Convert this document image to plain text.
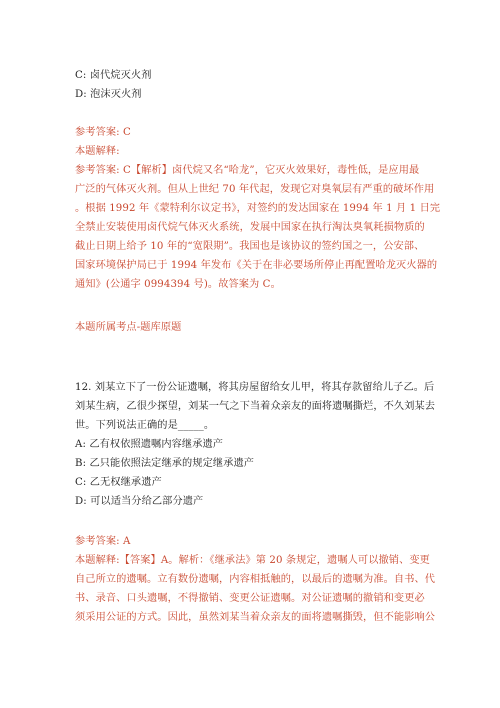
C: 卤代烷灭火剂
D: 泡沫灭火剂
参考答案: C
本题解释:
参考答案: C【解析】卤代烷又名“哈龙”，它灭火效果好，毒性低，是应用最
广泛的气体灭火剂。但从上世纪 70 年代起，发现它对臭氧层有严重的破坏作用
。根据 1992 年《蒙特利尔议定书》，对签约的发达国家在 1994 年 1 月 1 日完
全禁止安装使用卤代烷气体灭火系统，发展中国家在执行淘汰臭氧耗损物质的
截止日期上给予 10 年的“宽限期”。我国也是该协议的签约国之一，公安部、
国家环境保护局已于 1994 年发布《关于在非必要场所停止再配置哈龙灭火器的
通知》(公通字 0994394 号)。故答案为 C。
本题所属考点-题库原题
12. 刘某立下了一份公证遗嘱，将其房屋留给女儿甲，将其存款留给儿子乙。后
刘某生病，乙很少探望，刘某一气之下当着众亲友的面将遗嘱撕烂，不久刘某去
世。下列说法正确的是_____。
A: 乙有权依照遗嘱内容继承遗产
B: 乙只能依照法定继承的规定继承遗产
C: 乙无权继承遗产
D: 可以适当分给乙部分遗产
参考答案: A
本题解释:【答案】A。解析：《继承法》第 20 条规定，遗嘱人可以撤销、变更
自己所立的遗嘱。立有数份遗嘱，内容相抵触的，以最后的遗嘱为准。自书、代
书、录音、口头遗嘱，不得撤销、变更公证遗嘱。对公证遗嘱的撤销和变更必
须采用公证的方式。因此，虽然刘某当着众亲友的面将遗嘱撕毁，但不能影响公
